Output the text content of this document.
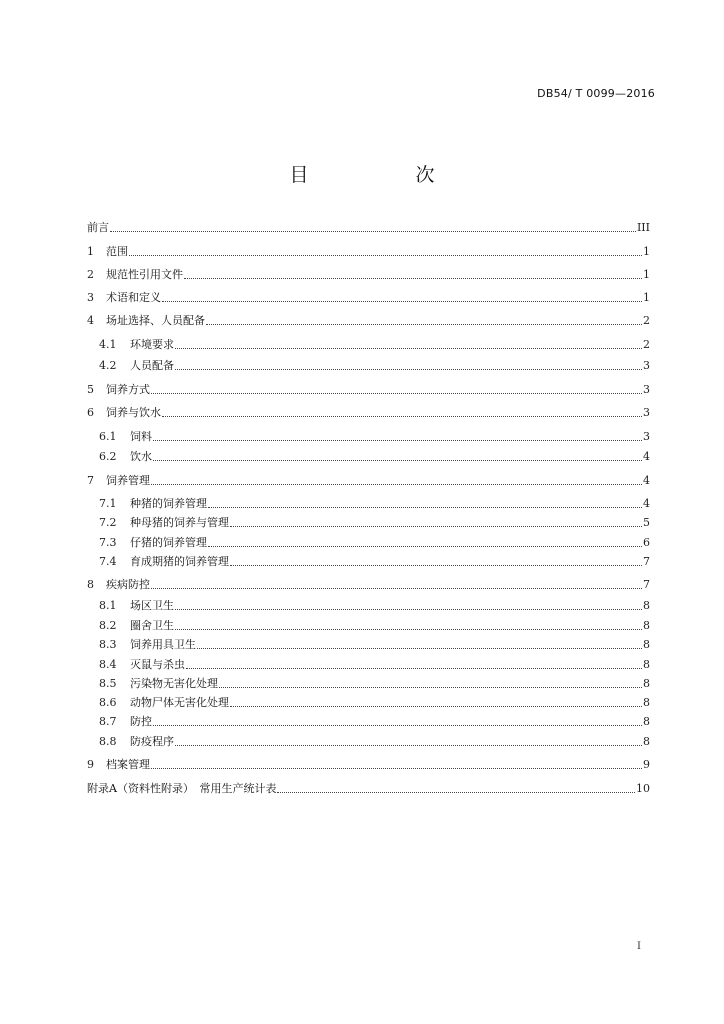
DB54/ T 0099—2016
目　次
前言	III
1	范围	1
2	规范性引用文件	1
3	术语和定义	1
4	场址选择、人员配备	2
4.1	环境要求	2
4.2	人员配备	3
5	饲养方式	3
6	饲养与饮水	3
6.1	饲料	3
6.2	饮水	4
7	饲养管理	4
7.1	种猪的饲养管理	4
7.2	种母猪的饲养与管理	5
7.3	仔猪的饲养管理	6
7.4	育成期猪的饲养管理	7
8	疾病防控	7
8.1	场区卫生	8
8.2	圈舍卫生	8
8.3	饲养用具卫生	8
8.4	灭鼠与杀虫	8
8.5	污染物无害化处理	8
8.6	动物尸体无害化处理	8
8.7	防控	8
8.8	防疫程序	8
9	档案管理	9
附录A（资料性附录）　常用生产统计表	10
I
